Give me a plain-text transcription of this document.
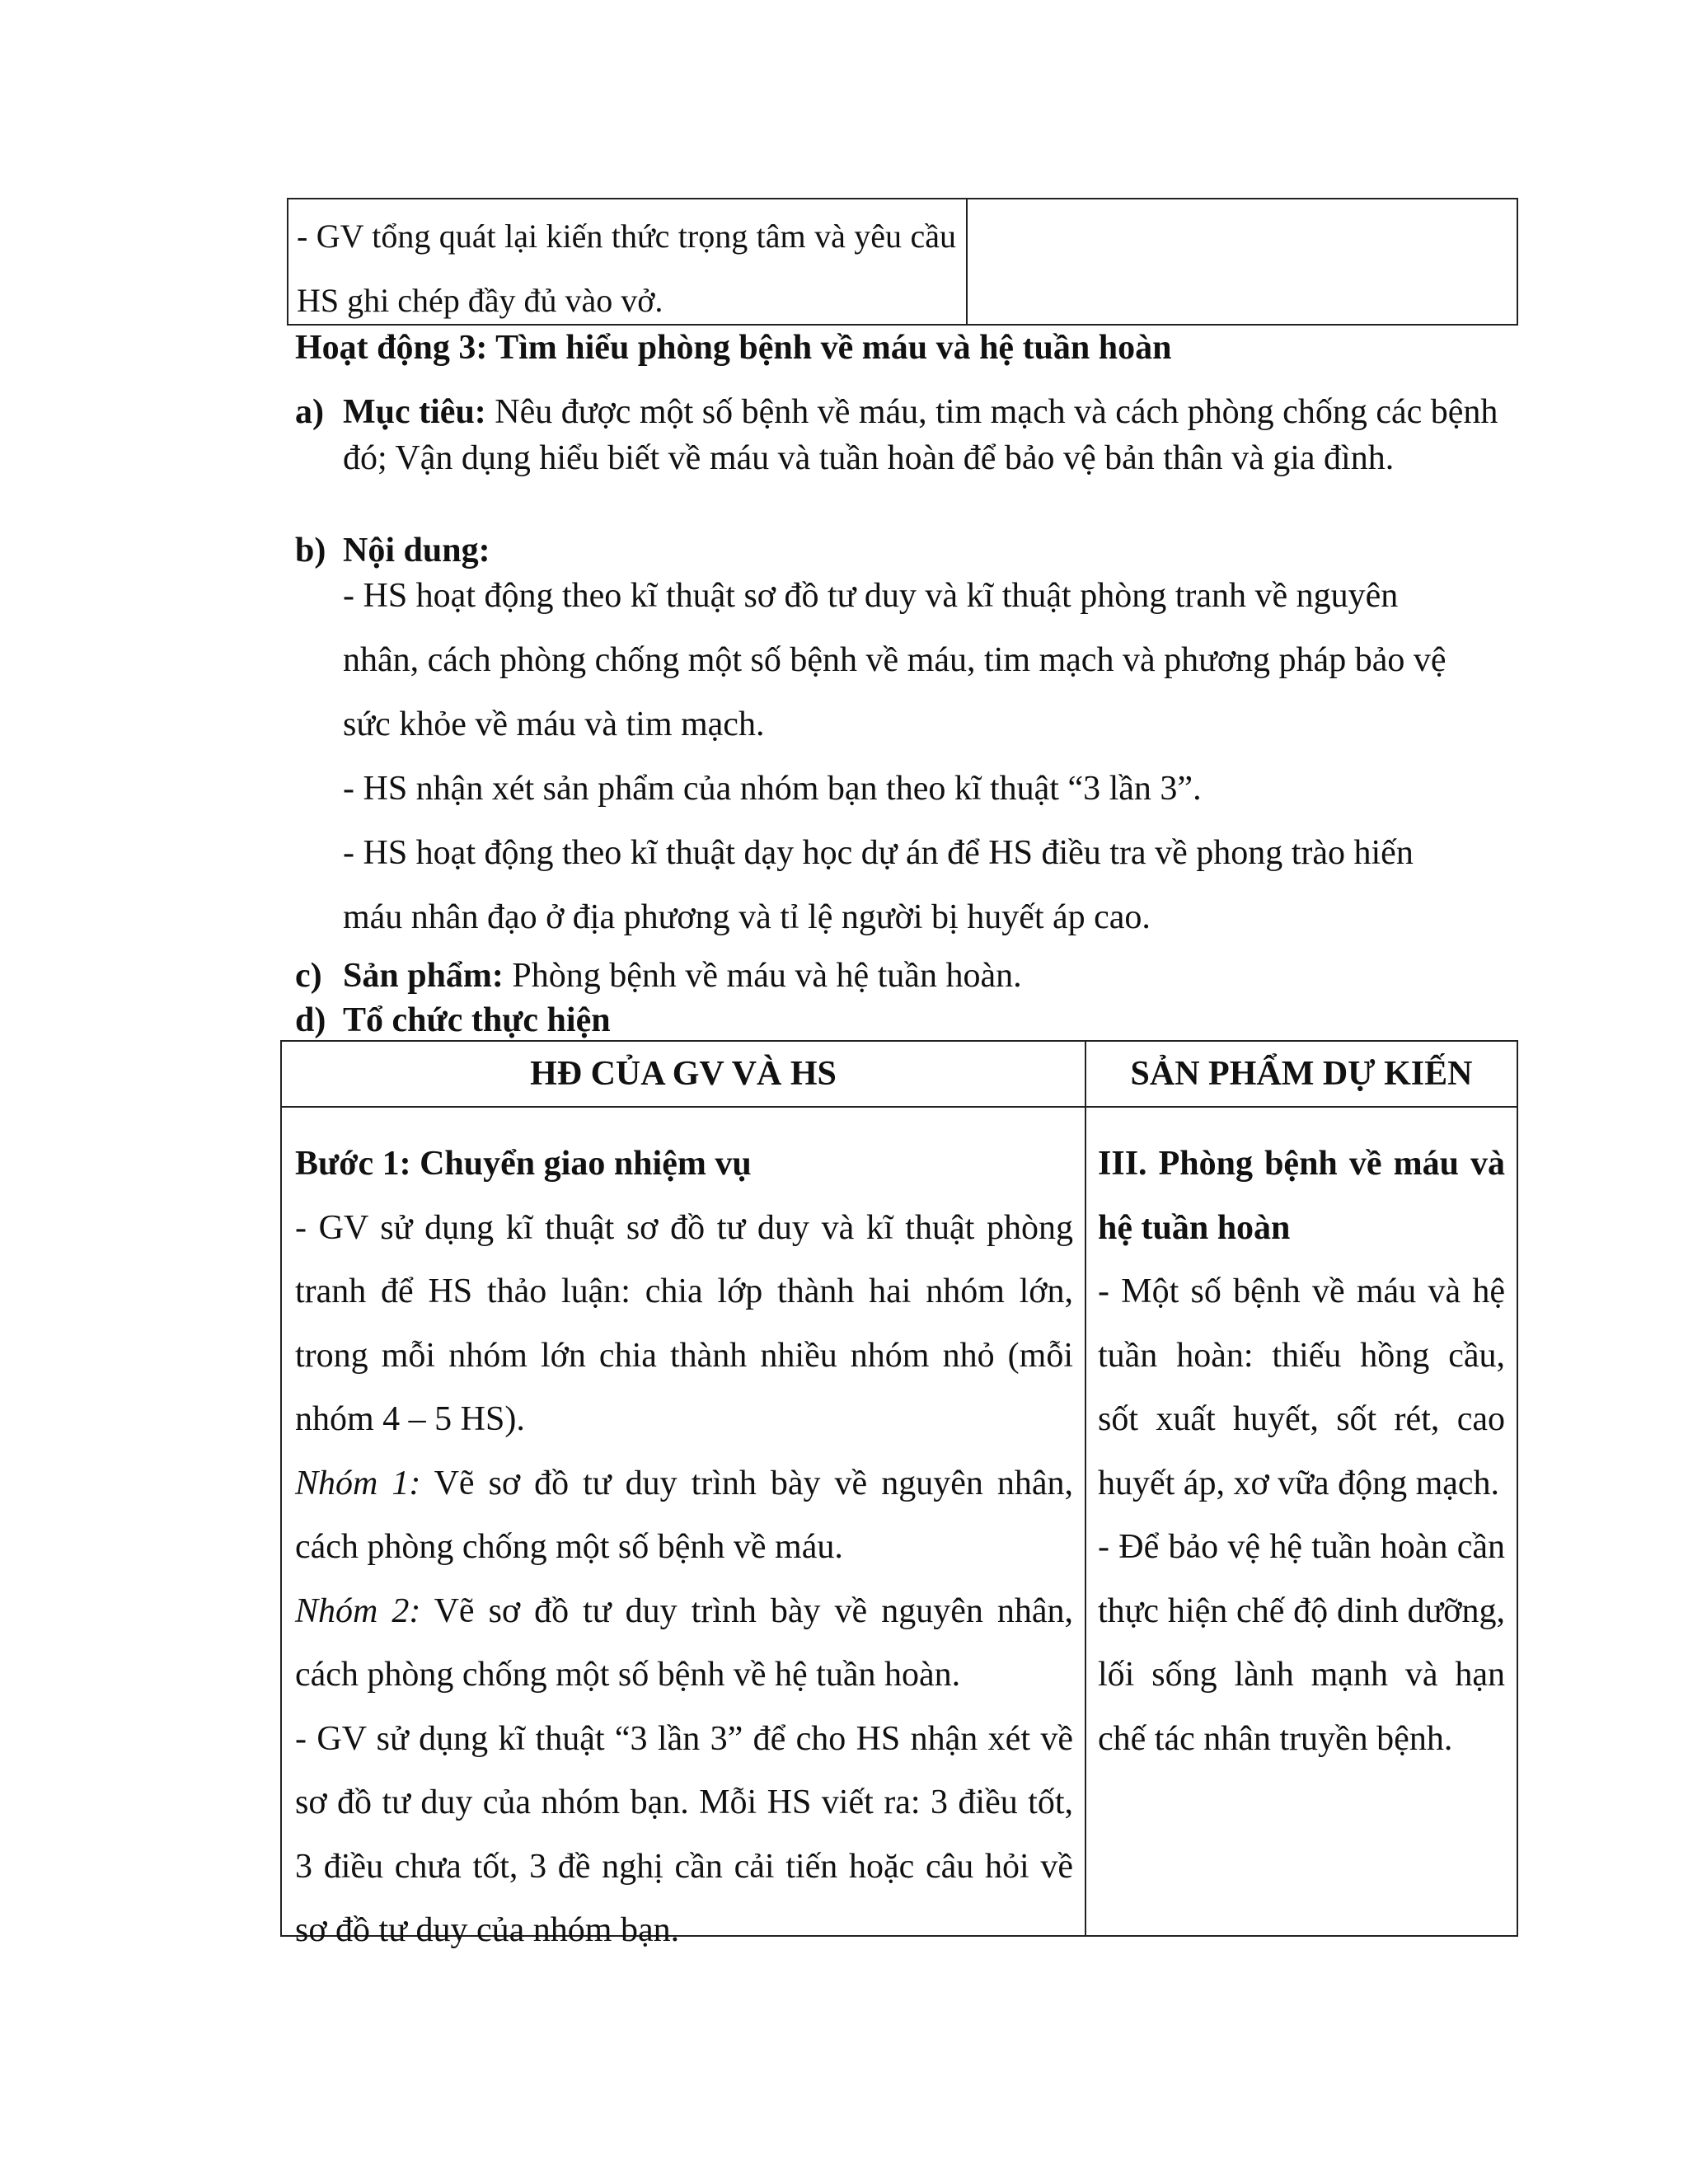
- GV tổng quát lại kiến thức trọng tâm và yêu cầu HS ghi chép đầy đủ vào vở.
Hoạt động 3: Tìm hiểu phòng bệnh về máu và hệ tuần hoàn
a) Mục tiêu: Nêu được một số bệnh về máu, tim mạch và cách phòng chống các bệnh đó; Vận dụng hiểu biết về máu và tuần hoàn để bảo vệ bản thân và gia đình.
b) Nội dung:
- HS hoạt động theo kĩ thuật sơ đồ tư duy và kĩ thuật phòng tranh về nguyên nhân, cách phòng chống một số bệnh về máu, tim mạch và phương pháp bảo vệ sức khỏe về máu và tim mạch.
- HS nhận xét sản phẩm của nhóm bạn theo kĩ thuật “3 lần 3”.
- HS hoạt động theo kĩ thuật dạy học dự án để HS điều tra về phong trào hiến máu nhân đạo ở địa phương và tỉ lệ người bị huyết áp cao.
c) Sản phẩm: Phòng bệnh về máu và hệ tuần hoàn.
d) Tổ chức thực hiện
HĐ CỦA GV VÀ HS	SẢN PHẨM DỰ KIẾN

Bước 1: Chuyển giao nhiệm vụ

- GV sử dụng kĩ thuật sơ đồ tư duy và kĩ thuật phòng tranh để HS thảo luận: chia lớp thành hai nhóm lớn, trong mỗi nhóm lớn chia thành nhiều nhóm nhỏ (mỗi nhóm 4 – 5 HS).

Nhóm 1: Vẽ sơ đồ tư duy trình bày về nguyên nhân, cách phòng chống một số bệnh về máu.

Nhóm 2: Vẽ sơ đồ tư duy trình bày về nguyên nhân, cách phòng chống một số bệnh về hệ tuần hoàn.

- GV sử dụng kĩ thuật “3 lần 3” để cho HS nhận xét về sơ đồ tư duy của nhóm bạn. Mỗi HS viết ra: 3 điều tốt, 3 điều chưa tốt, 3 đề nghị cần cải tiến hoặc câu hỏi về sơ đồ tư duy của nhóm bạn.

III. Phòng bệnh về máu và hệ tuần hoàn

- Một số bệnh về máu và hệ tuần hoàn: thiếu hồng cầu, sốt xuất huyết, sốt rét, cao huyết áp, xơ vữa động mạch.

- Để bảo vệ hệ tuần hoàn cần thực hiện chế độ dinh dưỡng, lối sống lành mạnh và hạn chế tác nhân truyền bệnh.
